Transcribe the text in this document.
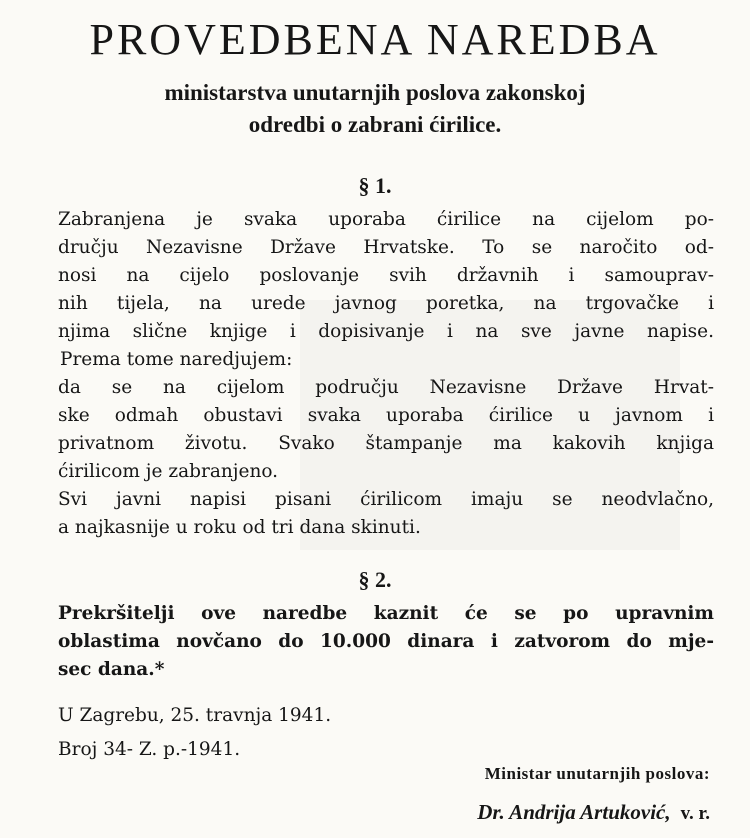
PROVEDBENA NAREDBA
ministarstva unutarnjih poslova zakonskoj
odredbi o zabrani ćirilice.
§ 1.
Zabranjena je svaka uporaba ćirilice na cijelom po-
dručju Nezavisne Države Hrvatske. To se naročito od-
nosi na cijelo poslovanje svih državnih i samouprav-
nih tijela, na urede javnog poretka, na trgovačke i
njima slične knjige i dopisivanje i na sve javne napise.
Prema tome naredjujem:
da se na cijelom području Nezavisne Države Hrvat-
ske odmah obustavi svaka uporaba ćirilice u javnom i
privatnom životu. Svako štampanje ma kakovih knjiga
ćirilicom je zabranjeno.
Svi javni napisi pisani ćirilicom imaju se neodvlačno,
a najkasnije u roku od tri dana skinuti.
§ 2.
Prekršitelji ove naredbe kaznit će se po upravnim
oblastima novčano do 10.000 dinara i zatvorom do mje-
sec dana.*
U Zagrebu, 25. travnja 1941.
Broj 34- Z. p.-1941.
Ministar unutarnjih poslova:
Dr. Andrija Artuković, v. r.
